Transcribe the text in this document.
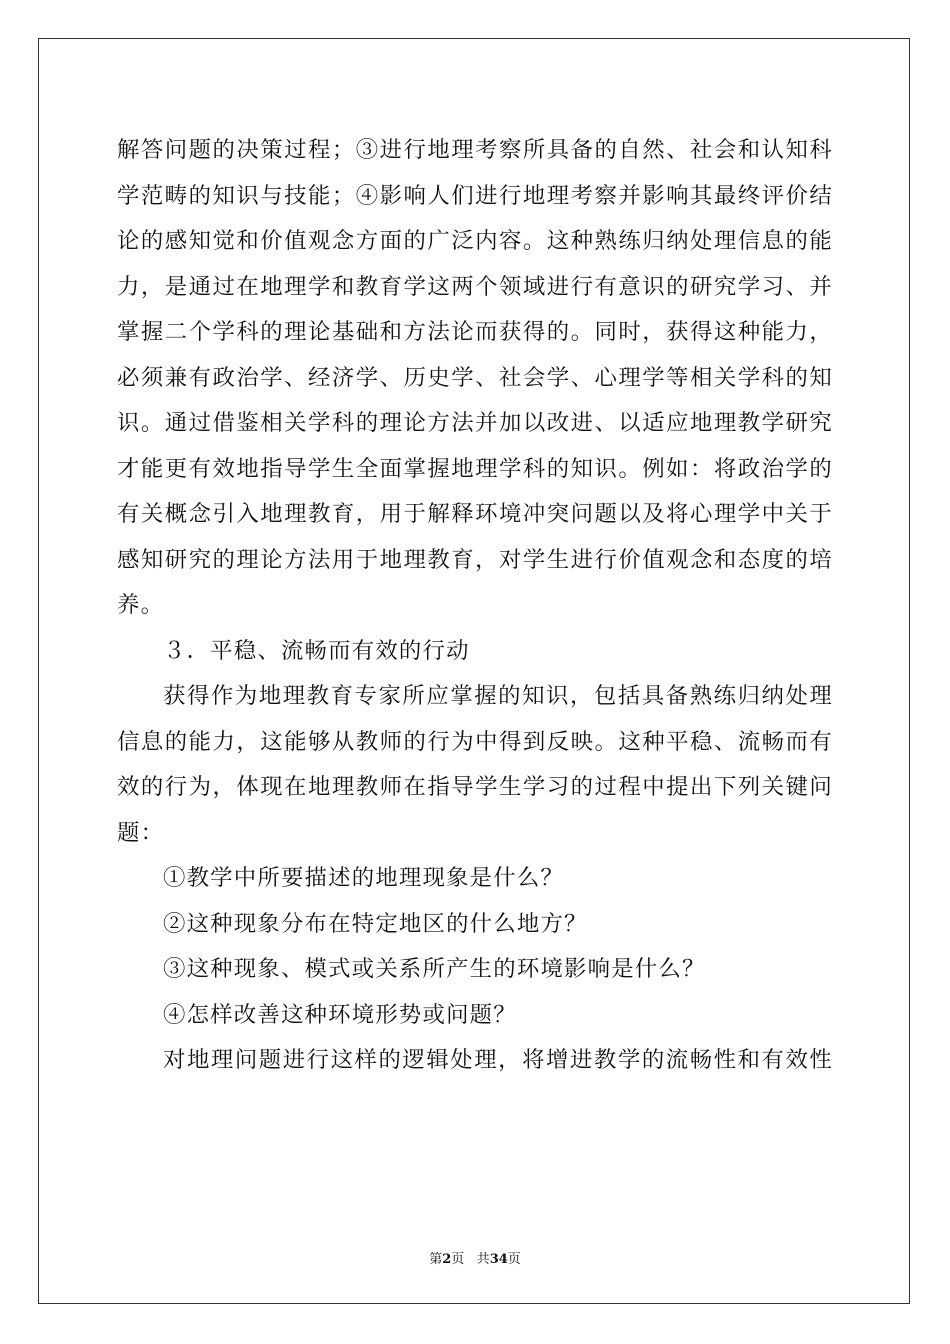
解答问题的决策过程；③进行地理考察所具备的自然、社会和认知科
学范畴的知识与技能；④影响人们进行地理考察并影响其最终评价结
论的感知觉和价值观念方面的广泛内容。这种熟练归纳处理信息的能
力，是通过在地理学和教育学这两个领域进行有意识的研究学习、并
掌握二个学科的理论基础和方法论而获得的。同时，获得这种能力，
必须兼有政治学、经济学、历史学、社会学、心理学等相关学科的知
识。通过借鉴相关学科的理论方法并加以改进、以适应地理教学研究
才能更有效地指导学生全面掌握地理学科的知识。例如：将政治学的
有关概念引入地理教育，用于解释环境冲突问题以及将心理学中关于
感知研究的理论方法用于地理教育，对学生进行价值观念和态度的培
养。
３．平稳、流畅而有效的行动
获得作为地理教育专家所应掌握的知识，包括具备熟练归纳处理
信息的能力，这能够从教师的行为中得到反映。这种平稳、流畅而有
效的行为，体现在地理教师在指导学生学习的过程中提出下列关键问
题：
①教学中所要描述的地理现象是什么？
②这种现象分布在特定地区的什么地方？
③这种现象、模式或关系所产生的环境影响是什么？
④怎样改善这种环境形势或问题？
对地理问题进行这样的逻辑处理，将增进教学的流畅性和有效性
第2页 共34页
